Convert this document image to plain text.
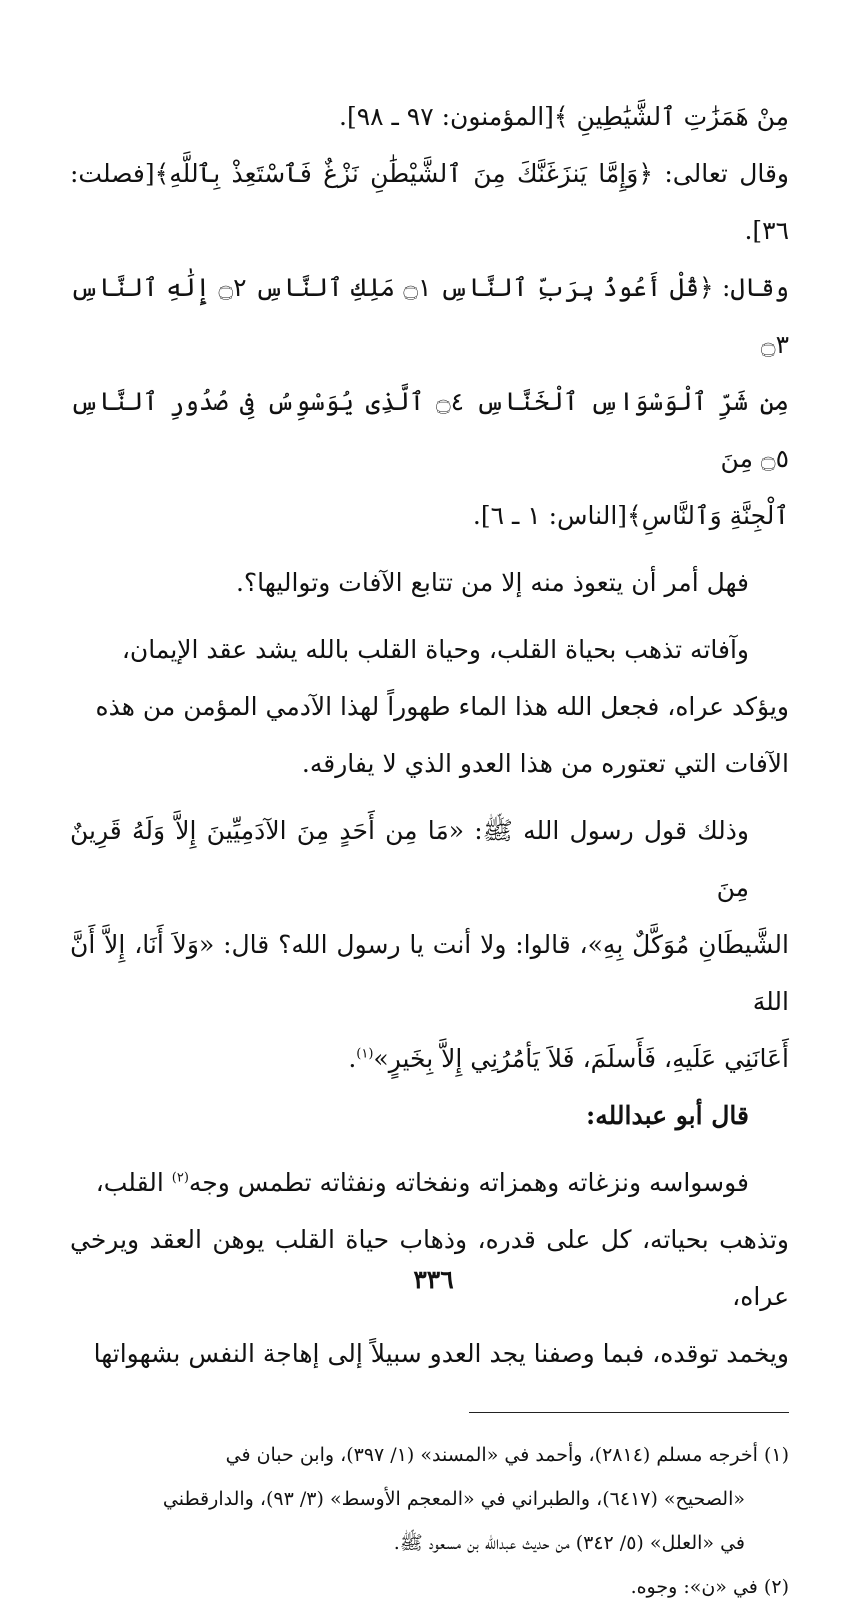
مِنْ هَمَزَٰتِ ٱلشَّيَٰطِينِ ﴾[المؤمنون: ٩٧ ـ ٩٨].

وقال تعالى: ﴿وَإِمَّا يَنزَغَنَّكَ مِنَ ٱلشَّيْطَٰنِ نَزْغٌ فَٱسْتَعِذْ بِٱللَّهِ﴾[فصلت: ٣٦].

وقال: ﴿قُلْ أَعُوذُ بِرَبِّ ٱلنَّاسِ ۝١ مَلِكِ ٱلنَّاسِ ۝٢ إِلَٰهِ ٱلنَّاسِ ۝٣

مِن شَرِّ ٱلْوَسْوَاسِ ٱلْخَنَّاسِ ۝٤ ٱلَّذِى يُوَسْوِسُ فِى صُدُورِ ٱلنَّاسِ ۝٥ مِنَ

ٱلْجِنَّةِ وَٱلنَّاسِ﴾[الناس: ١ ـ ٦].

فهل أمر أن يتعوذ منه إلا من تتابع الآفات وتواليها؟.

وآفاته تذهب بحياة القلب، وحياة القلب بالله يشد عقد الإيمان،

ويؤكد عراه، فجعل الله هذا الماء طهوراً لهذا الآدمي المؤمن من هذه

الآفات التي تعتوره من هذا العدو الذي لا يفارقه.

وذلك قول رسول الله ﷺ: «مَا مِن أَحَدٍ مِنَ الآدَمِيِّينَ إِلاَّ وَلَهُ قَرِينٌ مِنَ

الشَّيطَانِ مُوَكَّلٌ بِهِ»، قالوا: ولا أنت يا رسول الله؟ قال: «وَلاَ أَنَا، إِلاَّ أَنَّ اللهَ

أَعَانَنِي عَلَيهِ، فَأَسلَمَ، فَلاَ يَأمُرُنِي إِلاَّ بِخَيرٍ»$^{(١)}$.

قال أبو عبدالله:

فوسواسه ونزغاته وهمزاته ونفخاته ونفثاته تطمس وجه$^{(٢)}$ القلب،

وتذهب بحياته، كل على قدره، وذهاب حياة القلب يوهن العقد ويرخي عراه،

ويخمد توقده، فبما وصفنا يجد العدو سبيلاً إلى إهاجة النفس بشهواتها

(١) أخرجه مسلم (٢٨١٤)، وأحمد في «المسند» (١/ ٣٩٧)، وابن حبان في

«الصحيح» (٦٤١٧)، والطبراني في «المعجم الأوسط» (٣/ ٩٣)، والدارقطني

في «العلل» (٥/ ٣٤٢) من حديث عبدالله بن مسعود ﷺ.

(٢) في «ن»: وجوه.

٣٣٦
